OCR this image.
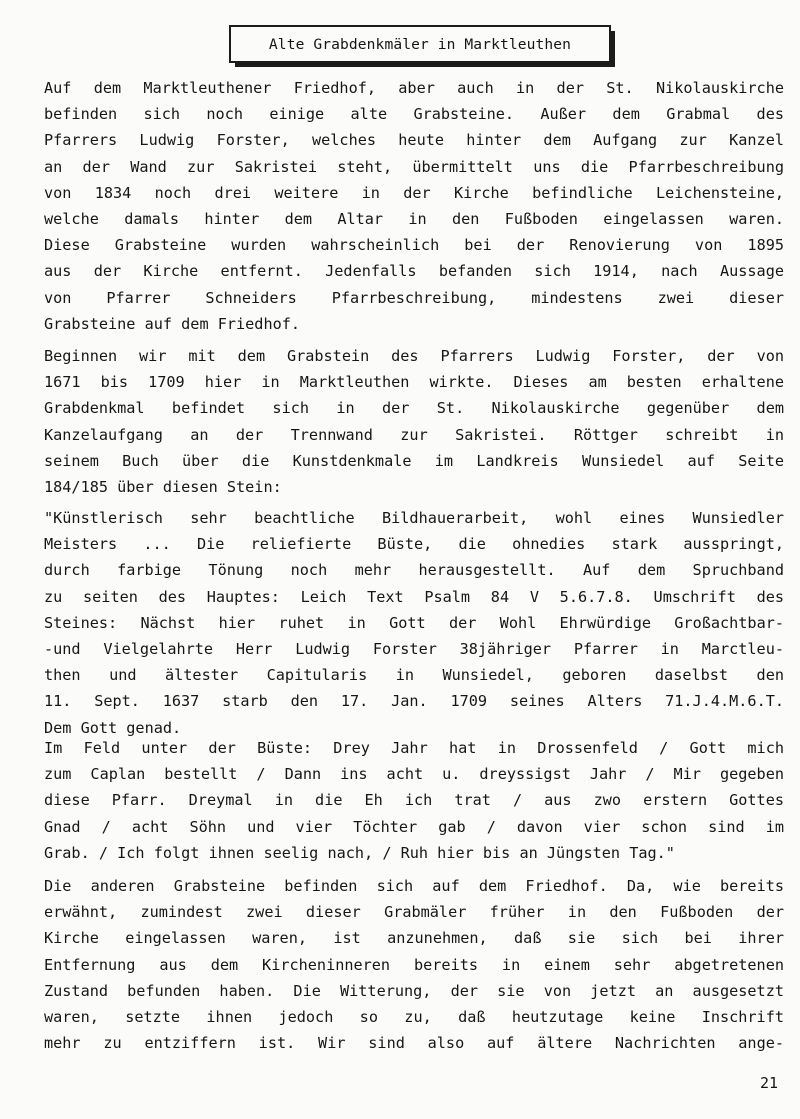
Alte Grabdenkmäler in Marktleuthen
Auf dem Marktleuthener Friedhof, aber auch in der St. Nikolauskirche
befinden sich noch einige alte Grabsteine. Außer dem Grabmal des
Pfarrers Ludwig Forster, welches heute hinter dem Aufgang zur Kanzel
an der Wand zur Sakristei steht, übermittelt uns die Pfarrbeschreibung
von 1834 noch drei weitere in der Kirche befindliche Leichensteine,
welche damals hinter dem Altar in den Fußboden eingelassen waren.
Diese Grabsteine wurden wahrscheinlich bei der Renovierung von 1895
aus der Kirche entfernt. Jedenfalls befanden sich 1914, nach Aussage
von Pfarrer Schneiders Pfarrbeschreibung, mindestens zwei dieser
Grabsteine auf dem Friedhof.
Beginnen wir mit dem Grabstein des Pfarrers Ludwig Forster, der von
1671 bis 1709 hier in Marktleuthen wirkte. Dieses am besten erhaltene
Grabdenkmal befindet sich in der St. Nikolauskirche gegenüber dem
Kanzelaufgang an der Trennwand zur Sakristei. Röttger schreibt in
seinem Buch über die Kunstdenkmale im Landkreis Wunsiedel auf Seite
184/185 über diesen Stein:
"Künstlerisch sehr beachtliche Bildhauerarbeit, wohl eines Wunsiedler
Meisters ... Die reliefierte Büste, die ohnedies stark ausspringt,
durch farbige Tönung noch mehr herausgestellt. Auf dem Spruchband
zu seiten des Hauptes: Leich Text Psalm 84 V 5.6.7.8. Umschrift des
Steines: Nächst hier ruhet in Gott der Wohl Ehrwürdige Großachtbar-
-und Vielgelahrte Herr Ludwig Forster 38jähriger Pfarrer in Marctleu-
then und ältester Capitularis in Wunsiedel, geboren daselbst den
11. Sept. 1637 starb den 17. Jan. 1709 seines Alters 71.J.4.M.6.T.
Dem Gott genad.
Im Feld unter der Büste: Drey Jahr hat in Drossenfeld / Gott mich
zum Caplan bestellt / Dann ins acht u. dreyssigst Jahr / Mir gegeben
diese Pfarr. Dreymal in die Eh ich trat / aus zwo erstern Gottes
Gnad / acht Söhn und vier Töchter gab / davon vier schon sind im
Grab. / Ich folgt ihnen seelig nach, / Ruh hier bis an Jüngsten Tag."
Die anderen Grabsteine befinden sich auf dem Friedhof. Da, wie bereits
erwähnt, zumindest zwei dieser Grabmäler früher in den Fußboden der
Kirche eingelassen waren, ist anzunehmen, daß sie sich bei ihrer
Entfernung aus dem Kircheninneren bereits in einem sehr abgetretenen
Zustand befunden haben. Die Witterung, der sie von jetzt an ausgesetzt
waren, setzte ihnen jedoch so zu, daß heutzutage keine Inschrift
mehr zu entziffern ist. Wir sind also auf ältere Nachrichten ange-
21
